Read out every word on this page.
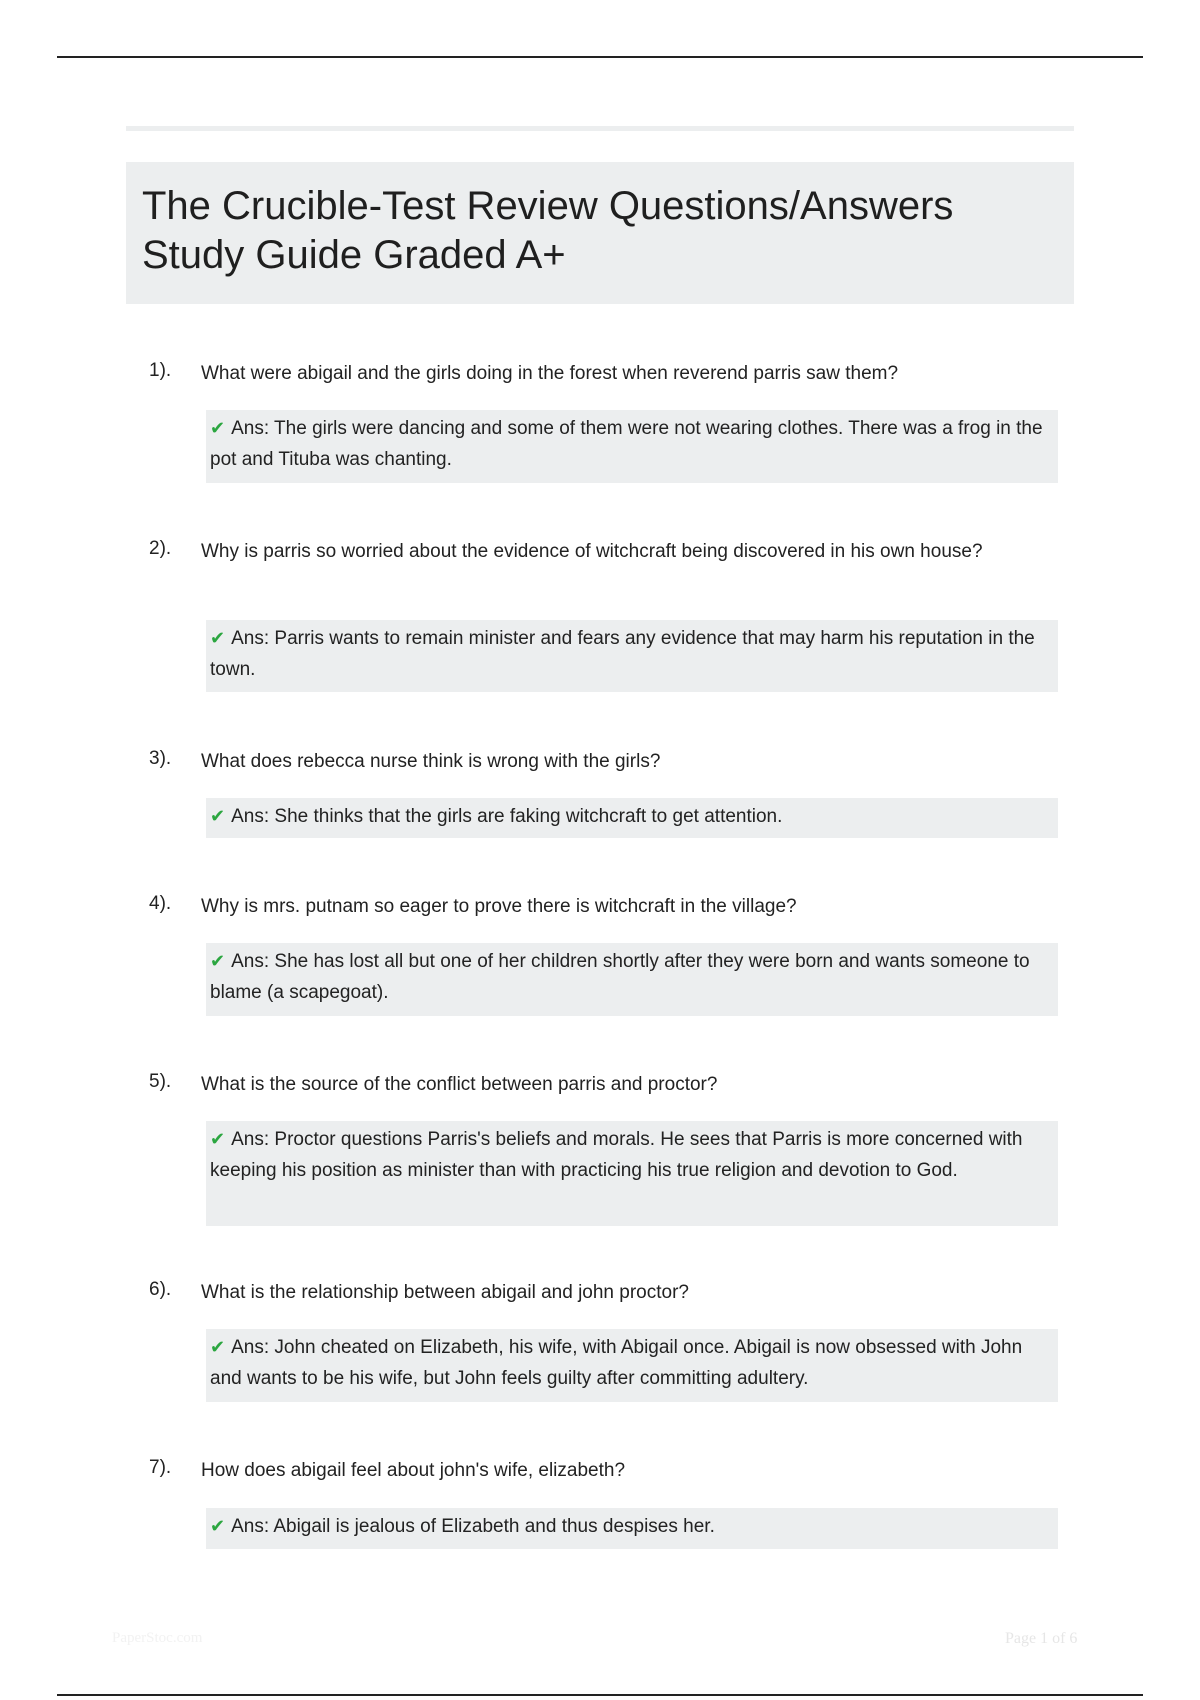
The Crucible-Test Review Questions/Answers Study Guide Graded A+
1). What were abigail and the girls doing in the forest when reverend parris saw them?
✔ Ans: The girls were dancing and some of them were not wearing clothes. There was a frog in the pot and Tituba was chanting.
2). Why is parris so worried about the evidence of witchcraft being discovered in his own house?
✔ Ans: Parris wants to remain minister and fears any evidence that may harm his reputation in the town.
3). What does rebecca nurse think is wrong with the girls?
✔ Ans: She thinks that the girls are faking witchcraft to get attention.
4). Why is mrs. putnam so eager to prove there is witchcraft in the village?
✔ Ans: She has lost all but one of her children shortly after they were born and wants someone to blame (a scapegoat).
5). What is the source of the conflict between parris and proctor?
✔ Ans: Proctor questions Parris's beliefs and morals. He sees that Parris is more concerned with keeping his position as minister than with practicing his true religion and devotion to God.
6). What is the relationship between abigail and john proctor?
✔ Ans: John cheated on Elizabeth, his wife, with Abigail once. Abigail is now obsessed with John and wants to be his wife, but John feels guilty after committing adultery.
7). How does abigail feel about john's wife, elizabeth?
✔ Ans: Abigail is jealous of Elizabeth and thus despises her.
PaperStoc.com	Page 1 of 6
